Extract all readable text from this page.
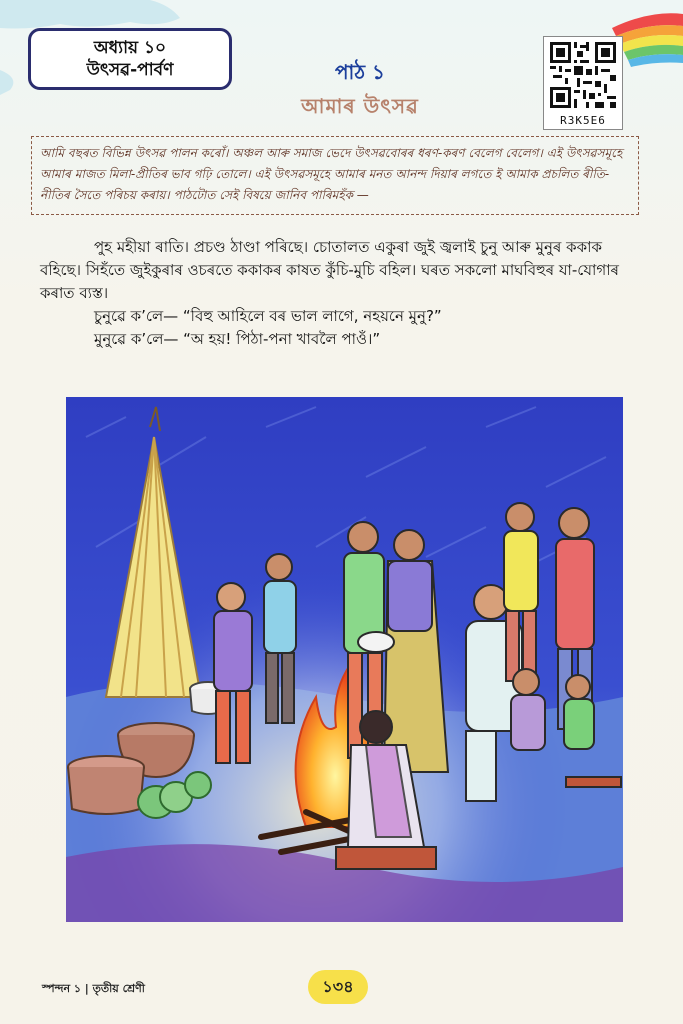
অধ্যায় ১০
উৎসৱ-পাৰ্বণ	পাঠ ১
আমাৰ উৎসৱ
R3K5E6
আমি বছৰত বিভিন্ন উৎসৱ পালন কৰোঁ। অঞ্চল আৰু সমাজ ভেদে উৎসৱবোৰৰ ধৰণ-কৰণ বেলেগ বেলেগ। এই উৎসৱসমূহে আমাৰ মাজত মিলা-প্ৰীতিৰ ভাব গঢ়ি তোলে। এই উৎসৱসমূহে আমাৰ মনত আনন্দ দিয়াৰ লগতে ই আমাক প্ৰচলিত ৰীতি-নীতিৰ সৈতে পৰিচয় কৰায়। পাঠটোত সেই বিষয়ে জানিব পাৰিমহঁক —

পুহ মহীয়া ৰাতি। প্ৰচণ্ড ঠাণ্ডা পৰিছে। চোতালত একুৰা জুই জ্বলাই চুনু আৰু মুনুৰ ককাক বহিছে। সিহঁতে জুইকুৰাৰ ওচৰতে ককাকৰ কাষত কুঁচি-মুচি বহিল। ঘৰত সকলো মাঘবিহুৰ যা-যোগাৰ কৰাত ব্যস্ত।

চুনুৱে ক’লে— “বিহু আহিলে বৰ ভাল লাগে, নহয়নে মুনু?”

মুনুৱে ক’লে— “অ হয়! পিঠা-পনা খাবলৈ পাওঁ।”

স্পন্দন ১ | তৃতীয় শ্ৰেণী	১৩৪
